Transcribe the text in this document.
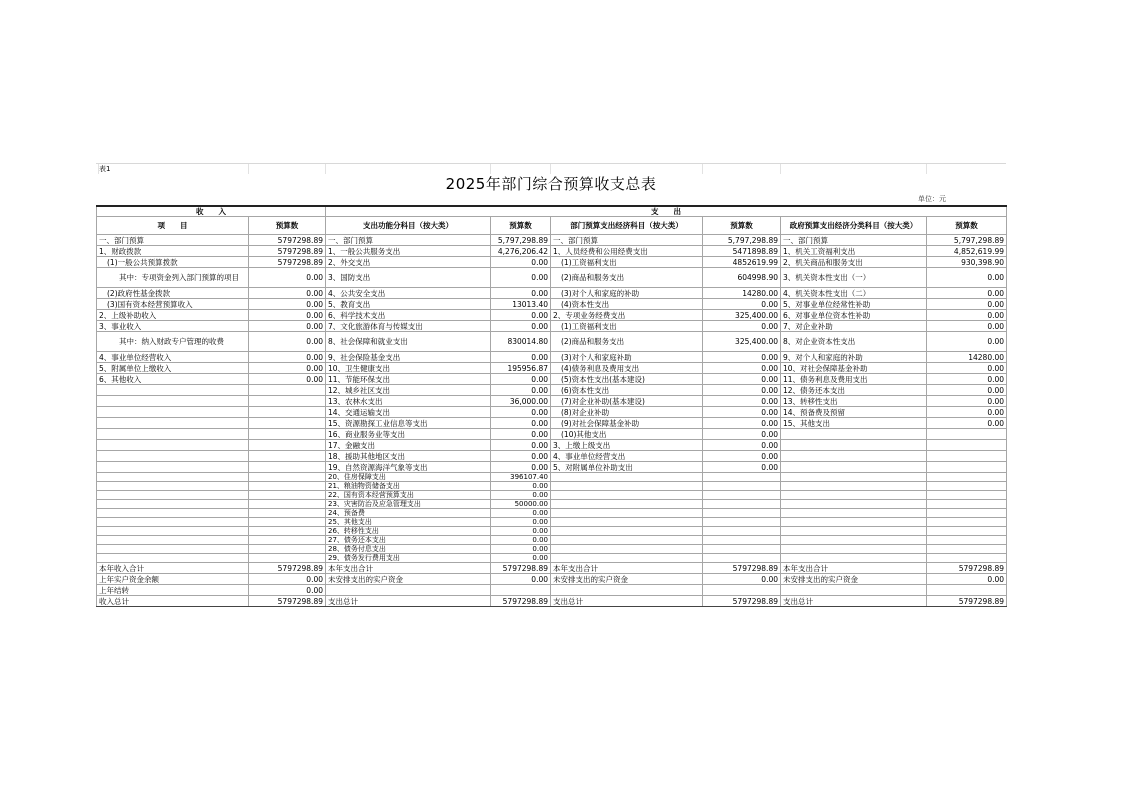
表1
2025年部门综合预算收支总表
单位：元
收　　入		支　　出					
项　　目	预算数	支出功能分科目（按大类）	预算数	部门预算支出经济科目（按大类）	预算数	政府预算支出经济分类科目（按大类）	预算数
一、部门预算	5797298.89	一、部门预算	5,797,298.89	一、部门预算	5,797,298.89	一、部门预算	5,797,298.89
1、财政拨款	5797298.89	1、一般公共服务支出	4,276,206.42	1、人员经费和公用经费支出	5471898.89	1、机关工资福利支出	4,852,619.99
(1)一般公共预算拨款	5797298.89	2、外交支出	0.00	(1)工资福利支出	4852619.99	2、机关商品和服务支出	930,398.90
其中：专项资金列入部门预算的项目	0.00	3、国防支出	0.00	(2)商品和服务支出	604998.90	3、机关资本性支出（一）	0.00
(2)政府性基金拨款	0.00	4、公共安全支出	0.00	(3)对个人和家庭的补助	14280.00	4、机关资本性支出（二）	0.00
(3)国有资本经营预算收入	0.00	5、教育支出	13013.40	(4)资本性支出	0.00	5、对事业单位经常性补助	0.00
2、上级补助收入	0.00	6、科学技术支出	0.00	2、专项业务经费支出	325,400.00	6、对事业单位资本性补助	0.00
3、事业收入	0.00	7、文化旅游体育与传媒支出	0.00	(1)工资福利支出	0.00	7、对企业补助	0.00
其中：纳入财政专户管理的收费	0.00	8、社会保障和就业支出	830014.80	(2)商品和服务支出	325,400.00	8、对企业资本性支出	0.00
4、事业单位经营收入	0.00	9、社会保险基金支出	0.00	(3)对个人和家庭补助	0.00	9、对个人和家庭的补助	14280.00
5、附属单位上缴收入	0.00	10、卫生健康支出	195956.87	(4)债务利息及费用支出	0.00	10、对社会保障基金补助	0.00
6、其他收入	0.00	11、节能环保支出	0.00	(5)资本性支出(基本建设)	0.00	11、债务利息及费用支出	0.00
		12、城乡社区支出	0.00	(6)资本性支出	0.00	12、债务还本支出	0.00
		13、农林水支出	36,000.00	(7)对企业补助(基本建设)	0.00	13、转移性支出	0.00
		14、交通运输支出	0.00	(8)对企业补助	0.00	14、预备费及预留	0.00
		15、资源勘探工业信息等支出	0.00	(9)对社会保障基金补助	0.00	15、其他支出	0.00
		16、商业服务业等支出	0.00	(10)其他支出	0.00		
		17、金融支出	0.00	3、上缴上级支出	0.00		
		18、援助其他地区支出	0.00	4、事业单位经营支出	0.00		
		19、自然资源海洋气象等支出	0.00	5、对附属单位补助支出	0.00		
		20、住房保障支出	396107.40				
		21、粮油物资储备支出	0.00				
		22、国有资本经营预算支出	0.00				
		23、灾害防治及应急管理支出	50000.00				
		24、预备费	0.00				
		25、其他支出	0.00				
		26、转移性支出	0.00				
		27、债务还本支出	0.00				
		28、债务付息支出	0.00				
		29、债务发行费用支出	0.00				
本年收入合计	5797298.89	本年支出合计	5797298.89	本年支出合计	5797298.89	本年支出合计	5797298.89
上年实户资金余额	0.00	未安排支出的实户资金	0.00	未安排支出的实户资金	0.00	未安排支出的实户资金	0.00
上年结转	0.00						
收入总计	5797298.89	支出总计	5797298.89	支出总计	5797298.89	支出总计	5797298.89
